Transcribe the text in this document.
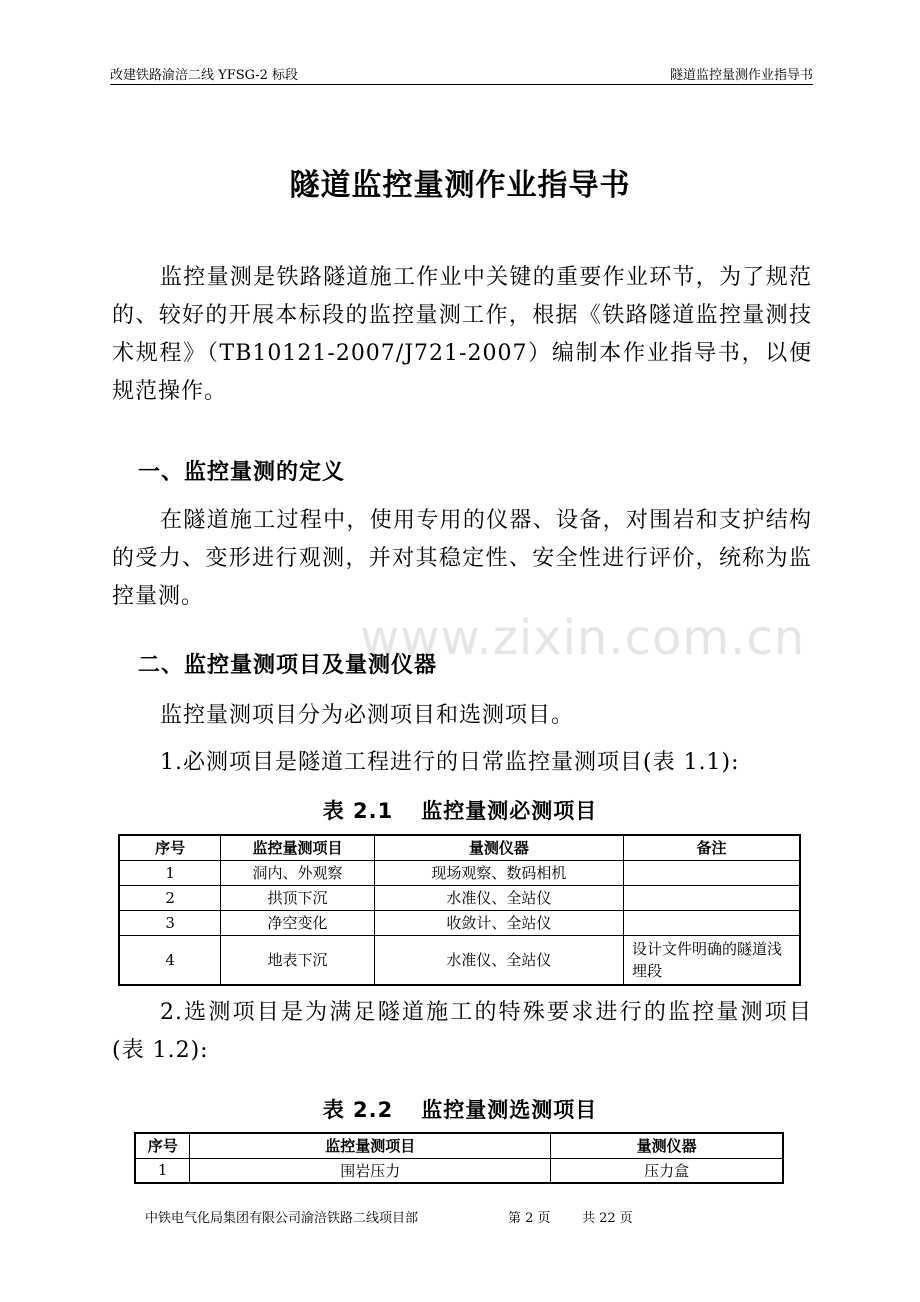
改建铁路渝涪二线 YFSG-2 标段	隧道监控量测作业指导书
隧道监控量测作业指导书
监控量测是铁路隧道施工作业中关键的重要作业环节，为了规范的、较好的开展本标段的监控量测工作，根据《铁路隧道监控量测技术规程》（TB10121-2007/J721-2007）编制本作业指导书，以便规范操作。
一、监控量测的定义
在隧道施工过程中，使用专用的仪器、设备，对围岩和支护结构的受力、变形进行观测，并对其稳定性、安全性进行评价，统称为监控量测。
二、监控量测项目及量测仪器
监控量测项目分为必测项目和选测项目。
1.必测项目是隧道工程进行的日常监控量测项目(表 1.1):
表 2.1 监控量测必测项目
序号	监控量测项目	量测仪器	备注
1	洞内、外观察	现场观察、数码相机	
2	拱顶下沉	水准仪、全站仪	
3	净空变化	收敛计、全站仪	
4	地表下沉	水准仪、全站仪	设计文件明确的隧道浅埋段
2.选测项目是为满足隧道施工的特殊要求进行的监控量测项目(表 1.2):
表 2.2 监控量测选测项目
序号	监控量测项目	量测仪器
1	围岩压力	压力盒
www.zixin.com.cn
中铁电气化局集团有限公司渝涪铁路二线项目部	第 2 页 共 22 页
